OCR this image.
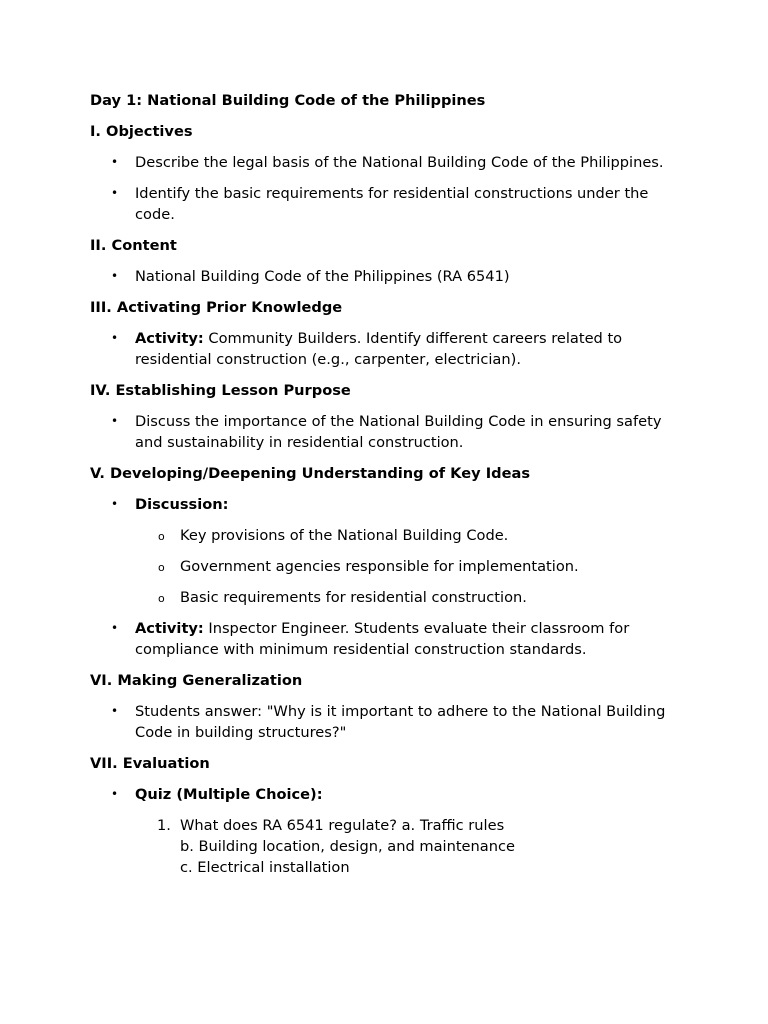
Day 1: National Building Code of the Philippines
I. Objectives
• Describe the legal basis of the National Building Code of the Philippines.
• Identify the basic requirements for residential constructions under the code.
II. Content
• National Building Code of the Philippines (RA 6541)
III. Activating Prior Knowledge
• Activity: Community Builders. Identify different careers related to residential construction (e.g., carpenter, electrician).
IV. Establishing Lesson Purpose
• Discuss the importance of the National Building Code in ensuring safety and sustainability in residential construction.
V. Developing/Deepening Understanding of Key Ideas
• Discussion:
o Key provisions of the National Building Code.
o Government agencies responsible for implementation.
o Basic requirements for residential construction.
• Activity: Inspector Engineer. Students evaluate their classroom for compliance with minimum residential construction standards.
VI. Making Generalization
• Students answer: "Why is it important to adhere to the National Building Code in building structures?"
VII. Evaluation
• Quiz (Multiple Choice):
1. What does RA 6541 regulate? a. Traffic rules
b. Building location, design, and maintenance
c. Electrical installation
